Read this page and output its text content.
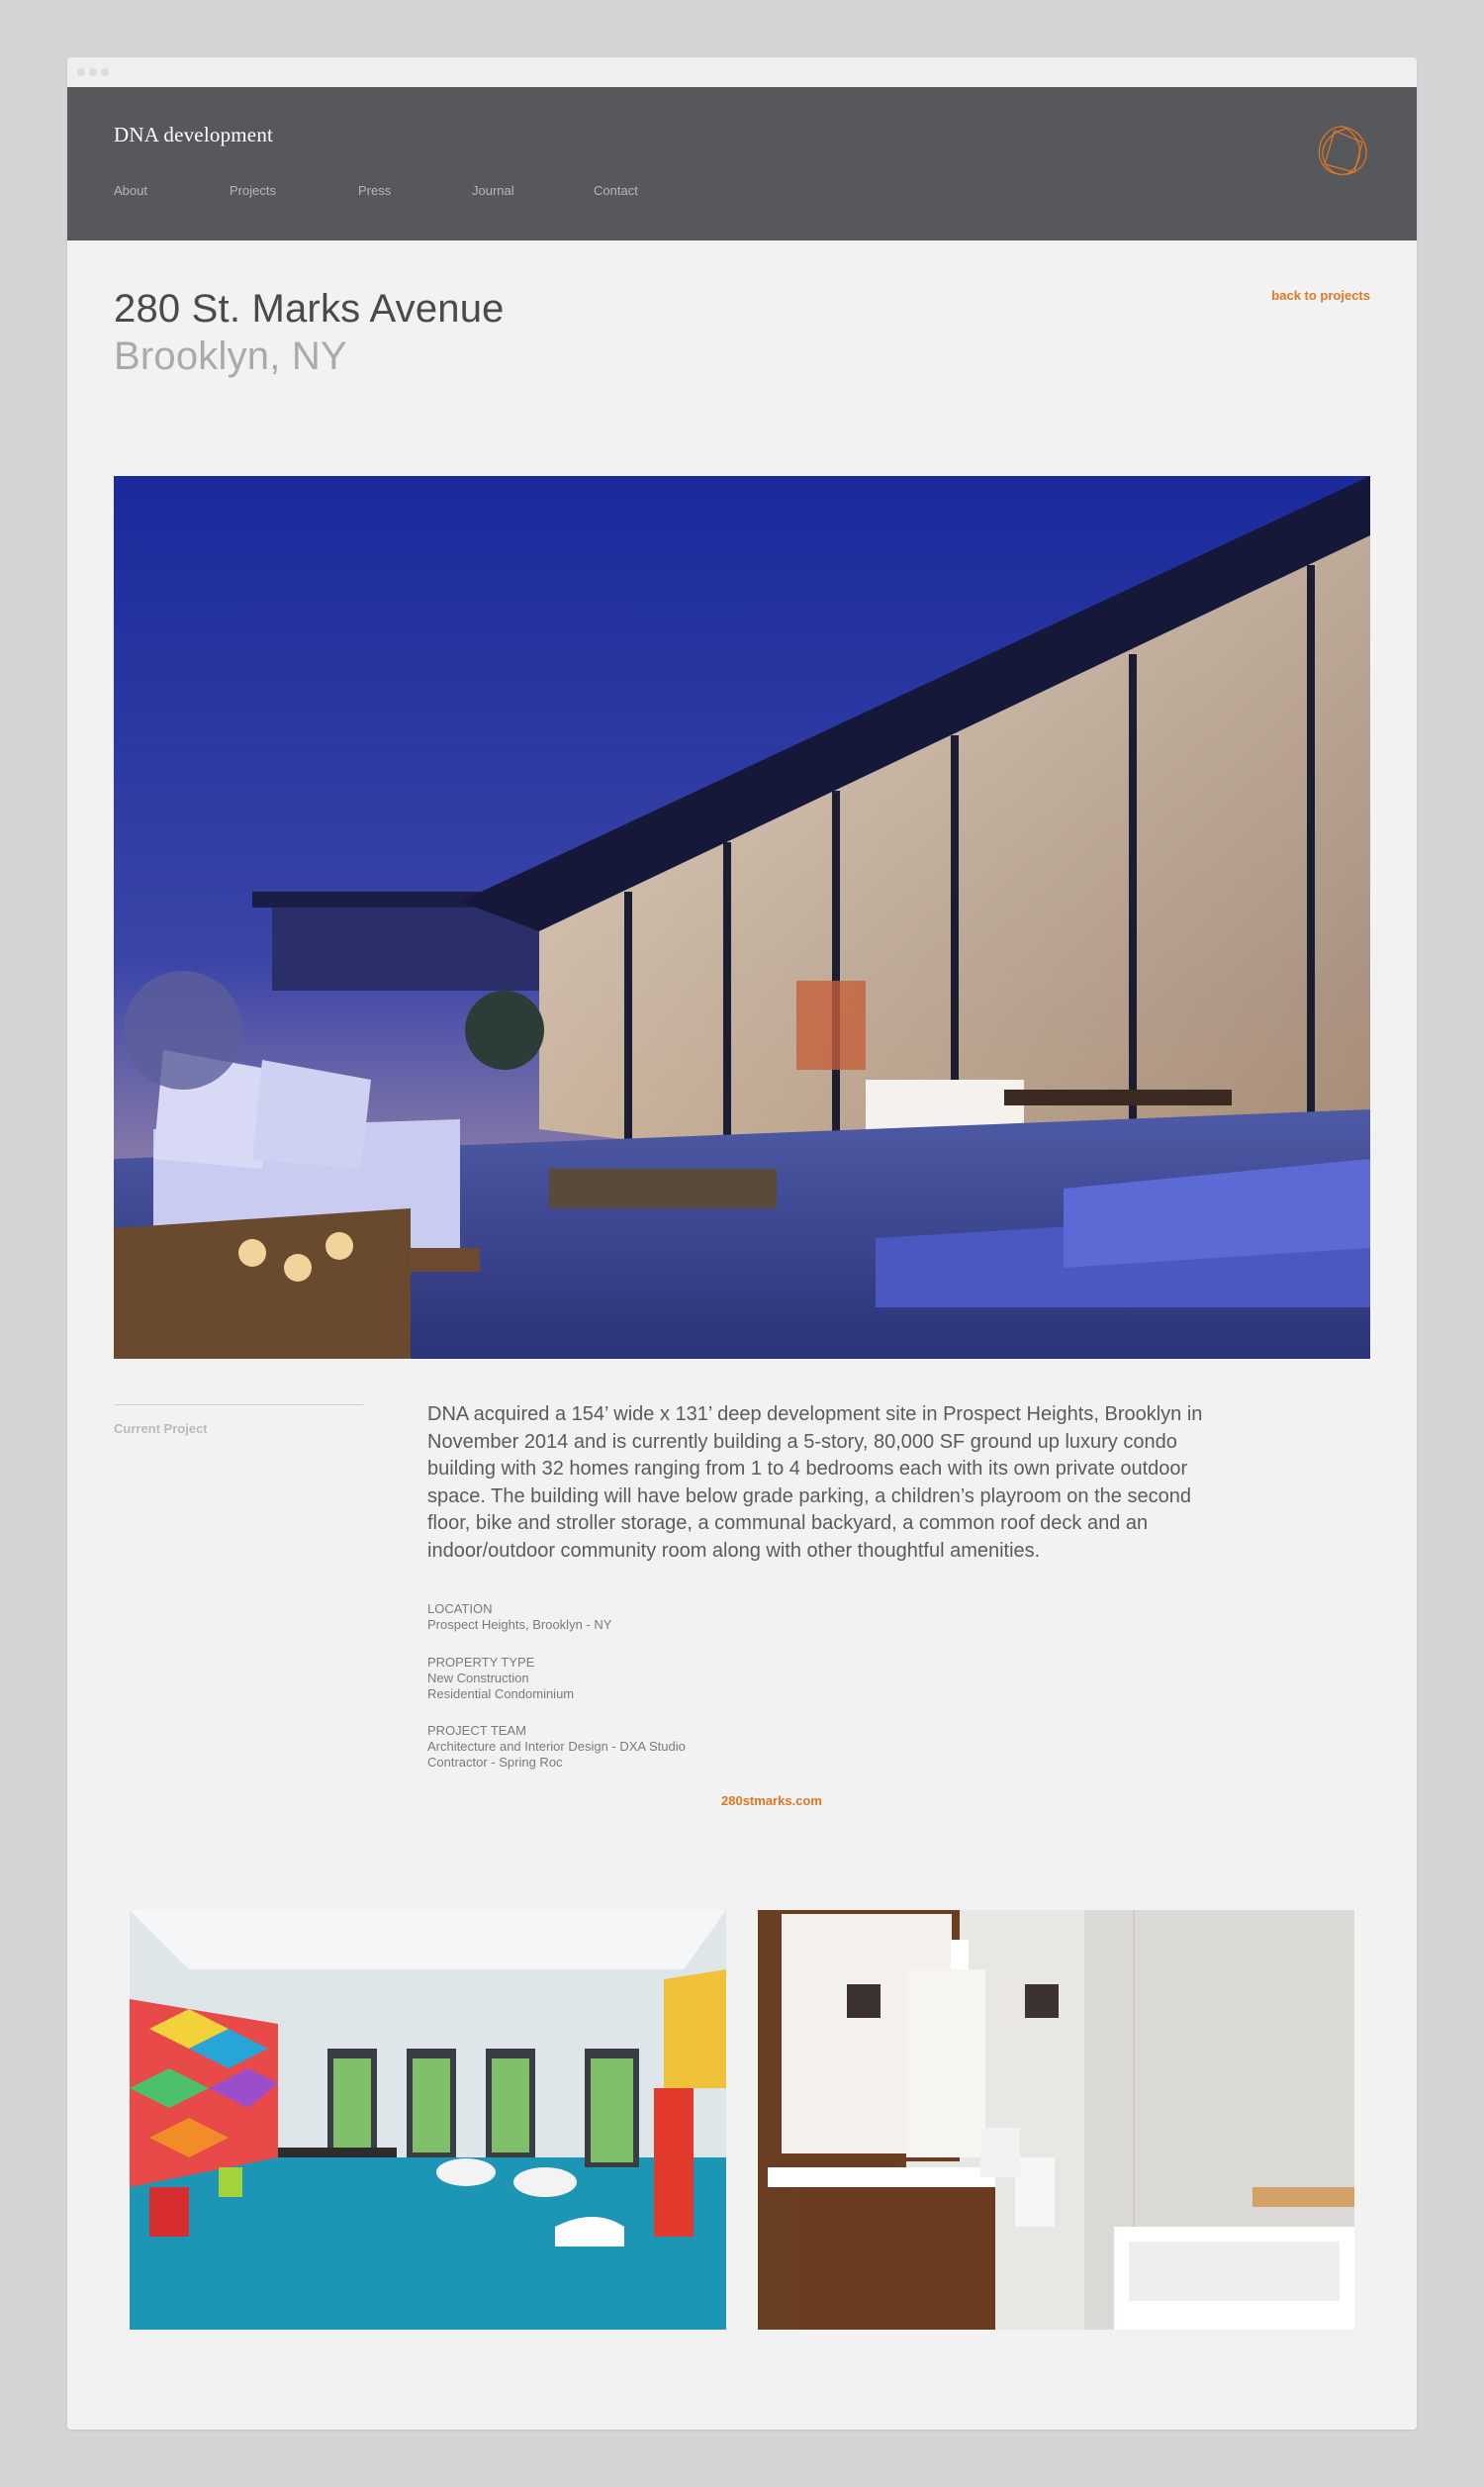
DNA development
About	Projects	Press	Journal	Contact
280 St. Marks Avenue
Brooklyn, NY
back to projects
Current Project

DNA acquired a 154’ wide x 131’ deep development site in Prospect Heights, Brooklyn in November 2014 and is currently building a 5-story, 80,000 SF ground up luxury condo building with 32 homes ranging from 1 to 4 bedrooms each with its own private outdoor space. The building will have below grade parking, a children’s playroom on the second floor, bike and stroller storage, a communal backyard, a common roof deck and an indoor/outdoor community room along with other thoughtful amenities.

LOCATION
Prospect Heights, Brooklyn - NY
PROPERTY TYPE
New Construction
Residential Condominium
PROJECT TEAM
Architecture and Interior Design - DXA Studio
Contractor - Spring Roc
280stmarks.com
